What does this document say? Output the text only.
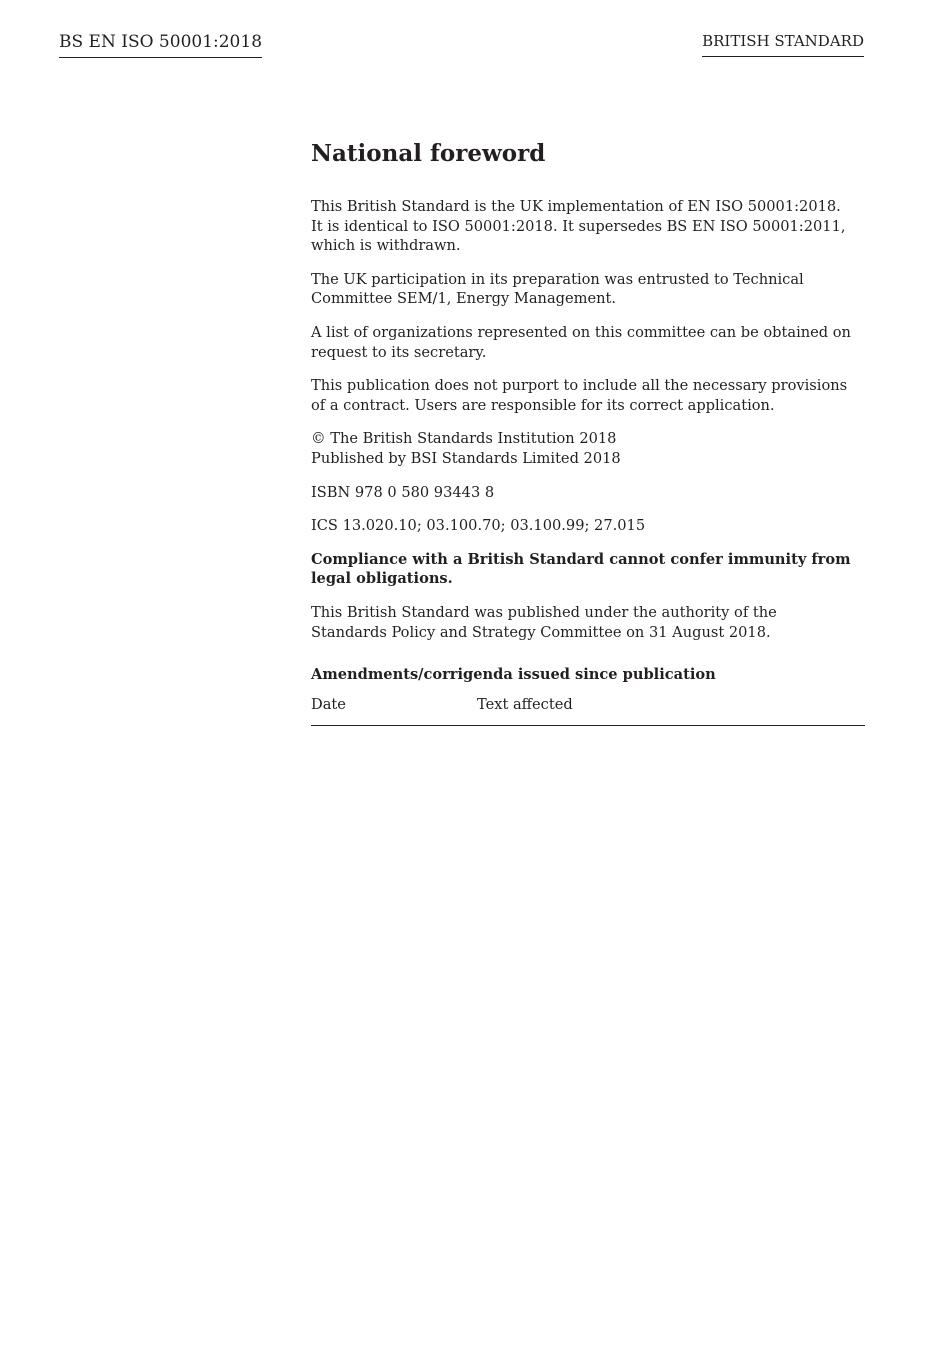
BS EN ISO 50001:2018	BRITISH STANDARD
National foreword

This British Standard is the UK implementation of EN ISO 50001:2018.
It is identical to ISO 50001:2018. It supersedes BS EN ISO 50001:2011,
which is withdrawn.

The UK participation in its preparation was entrusted to Technical
Committee SEM/1, Energy Management.

A list of organizations represented on this committee can be obtained on
request to its secretary.

This publication does not purport to include all the necessary provisions
of a contract. Users are responsible for its correct application.

© The British Standards Institution 2018
Published by BSI Standards Limited 2018

ISBN 978 0 580 93443 8

ICS 13.020.10; 03.100.70; 03.100.99; 27.015

Compliance with a British Standard cannot confer immunity from
legal obligations.

This British Standard was published under the authority of the
Standards Policy and Strategy Committee on 31 August 2018.

Amendments/corrigenda issued since publication
Date	Text affected
